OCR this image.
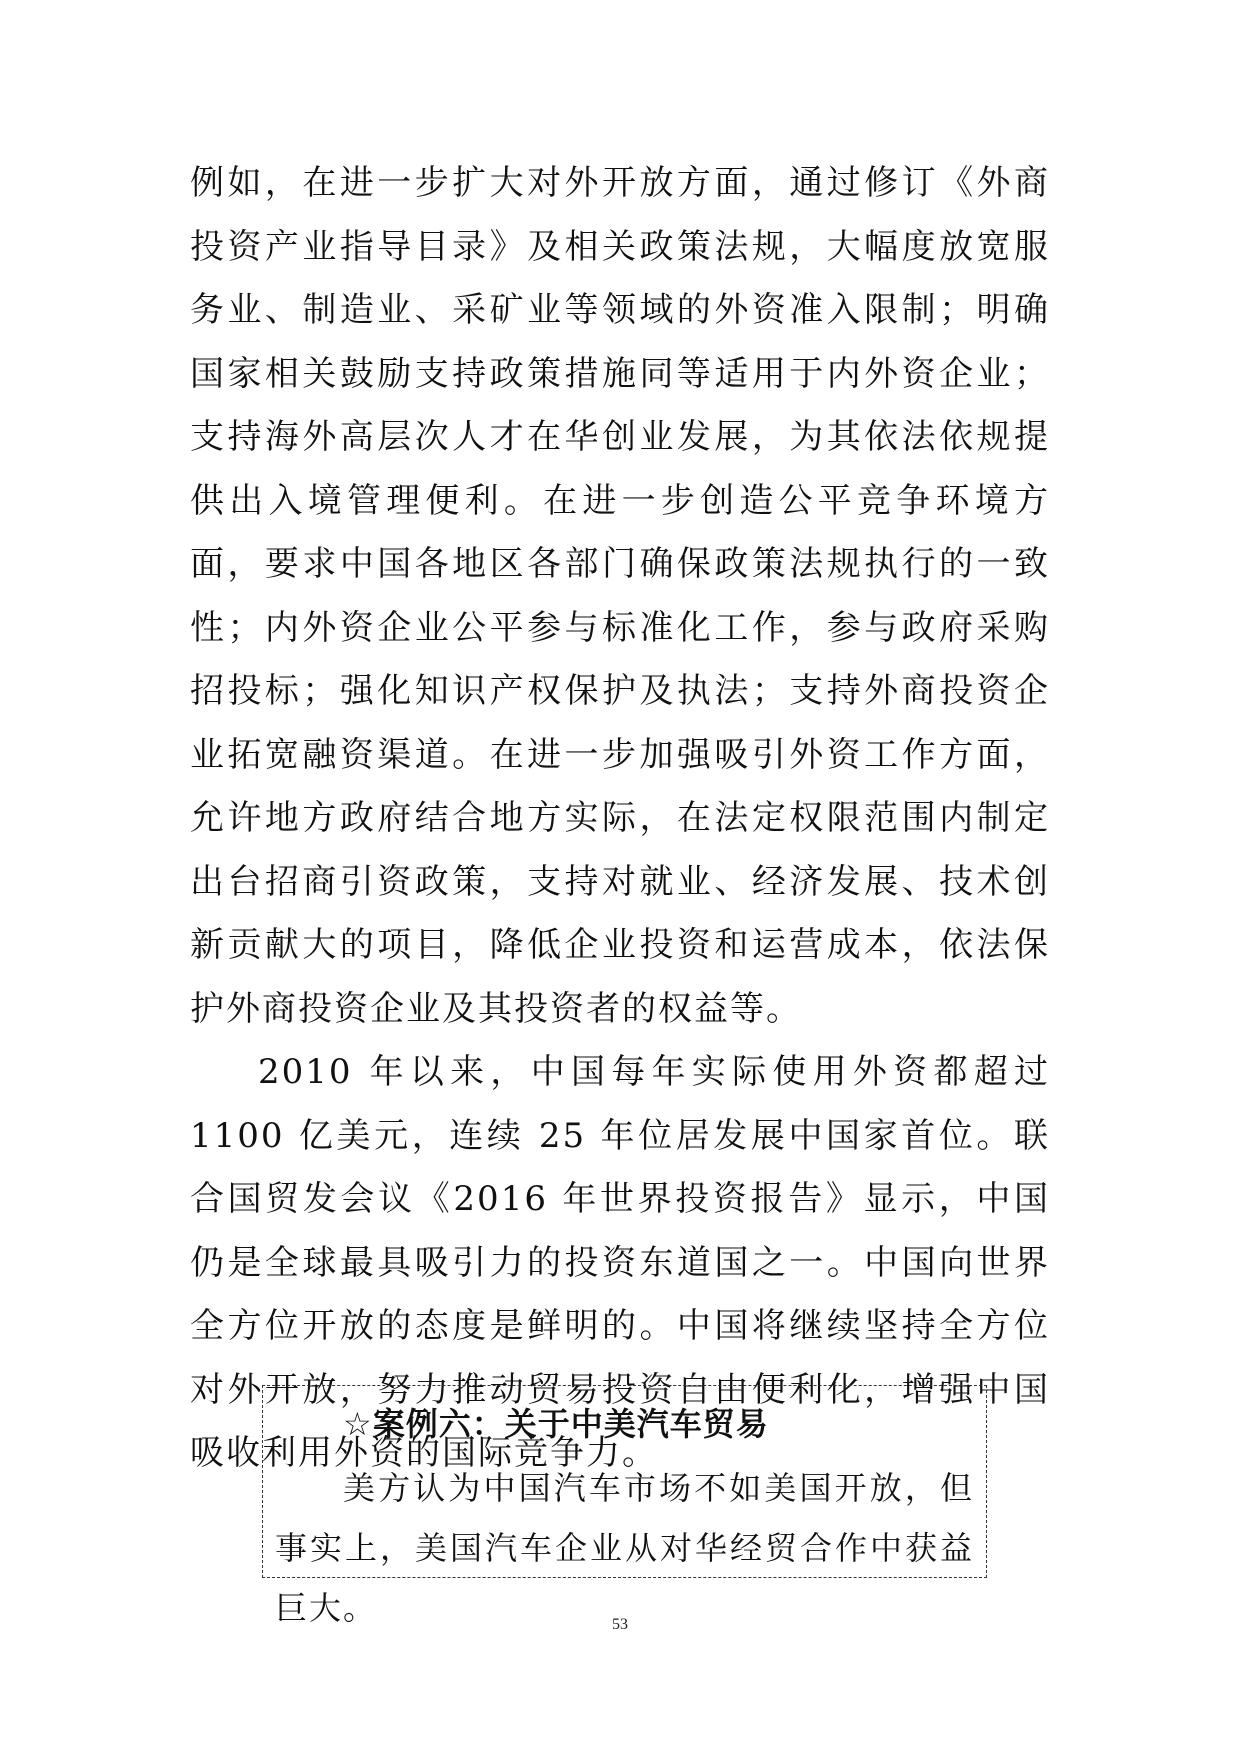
例如，在进一步扩大对外开放方面，通过修订《外商投资产业指导目录》及相关政策法规，大幅度放宽服务业、制造业、采矿业等领域的外资准入限制；明确国家相关鼓励支持政策措施同等适用于内外资企业；支持海外高层次人才在华创业发展，为其依法依规提供出入境管理便利。在进一步创造公平竞争环境方面，要求中国各地区各部门确保政策法规执行的一致性；内外资企业公平参与标准化工作，参与政府采购招投标；强化知识产权保护及执法；支持外商投资企业拓宽融资渠道。在进一步加强吸引外资工作方面，允许地方政府结合地方实际，在法定权限范围内制定出台招商引资政策，支持对就业、经济发展、技术创新贡献大的项目，降低企业投资和运营成本，依法保护外商投资企业及其投资者的权益等。

2010 年以来，中国每年实际使用外资都超过 1100 亿美元，连续 25 年位居发展中国家首位。联合国贸发会议《2016 年世界投资报告》显示，中国仍是全球最具吸引力的投资东道国之一。中国向世界全方位开放的态度是鲜明的。中国将继续坚持全方位对外开放，努力推动贸易投资自由便利化，增强中国吸收利用外资的国际竞争力。

☆案例六：关于中美汽车贸易

美方认为中国汽车市场不如美国开放，但事实上，美国汽车企业从对华经贸合作中获益巨大。	53
